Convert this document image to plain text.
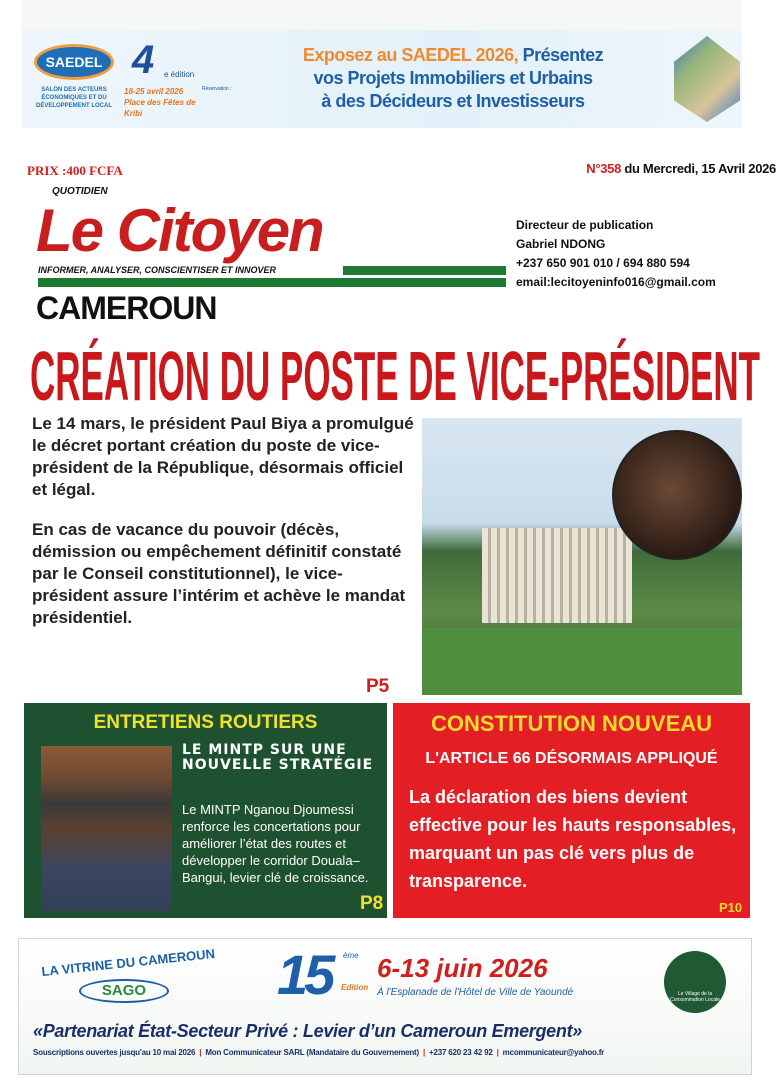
SAEDEL
SALON DES ACTEURS ÉCONOMIQUES ET DU DÉVELOPPEMENT LOCAL
4 e édition
18-25 avril 2026
Place des Fêtes de Kribi
Réservation :
Exposez au SAEDEL 2026, Présentez
vos Projets Immobiliers et Urbains
à des Décideurs et Investisseurs
PRIX :400 FCFA	N°358 du Mercredi, 15 Avril 2026
QUOTIDIEN
Le Citoyen
INFORMER, ANALYSER, CONSCIENTISER ET INNOVER
Directeur de publication
Gabriel NDONG
+237 650 901 010 / 694 880 594
email:lecitoyeninfo016@gmail.com
CAMEROUN
CRÉATION DU POSTE DE VICE-PRÉSIDENT

Le 14 mars, le président Paul Biya a promulgué le décret portant création du poste de vice-président de la République, désormais officiel et légal.

En cas de vacance du pouvoir (décès, démission ou empêchement définitif constaté par le Conseil constitutionnel), le vice-président assure l’intérim et achève le mandat présidentiel.

P5
ENTRETIENS ROUTIERS
LE MINTP SUR UNE NOUVELLE STRATÉGIE
Le MINTP Nganou Djoumessi renforce les concertations pour améliorer l’état des routes et développer le corridor Douala–Bangui, levier clé de croissance.
P8
CONSTITUTION NOUVEAU
L'ARTICLE 66 DÉSORMAIS APPLIQUÉ
La déclaration des biens devient effective pour les hauts responsables, marquant un pas clé vers plus de transparence.
P10
LA VITRINE DU CAMEROUN
SAGO	15 ème
Edition
6-13 juin 2026
À l'Esplanade de l'Hôtel de Ville de Yaoundé	Le Village de la Consommation Locale
«Partenariat État-Secteur Privé : Levier d’un Cameroun Emergent»
Souscriptions ouvertes jusqu'au 10 mai 2026 | Mon Communicateur SARL (Mandataire du Gouvernement) | +237 620 23 42 92 | mcommunicateur@yahoo.fr
